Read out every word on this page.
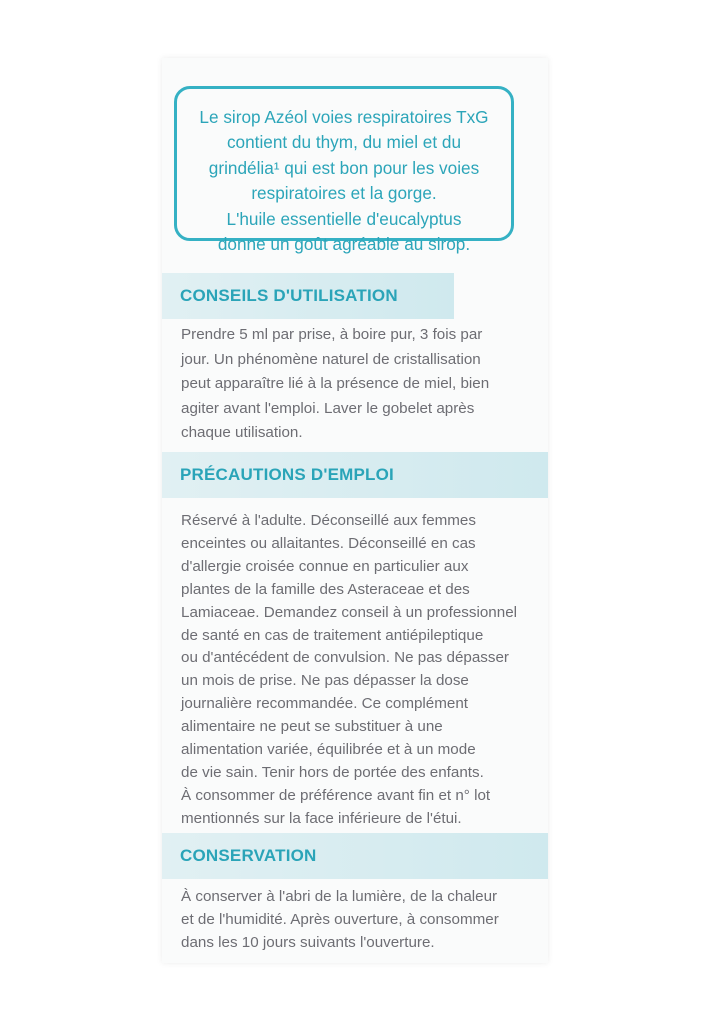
Le sirop Azéol voies respiratoires TxG
contient du thym, du miel et du
grindélia¹ qui est bon pour les voies
respiratoires et la gorge.
L'huile essentielle d'eucalyptus
donne un goût agréable au sirop.

CONSEILS D'UTILISATION

Prendre 5 ml par prise, à boire pur, 3 fois par
jour. Un phénomène naturel de cristallisation
peut apparaître lié à la présence de miel, bien
agiter avant l'emploi. Laver le gobelet après
chaque utilisation.

PRÉCAUTIONS D'EMPLOI

Réservé à l'adulte. Déconseillé aux femmes
enceintes ou allaitantes. Déconseillé en cas
d'allergie croisée connue en particulier aux
plantes de la famille des Asteraceae et des
Lamiaceae. Demandez conseil à un professionnel
de santé en cas de traitement antiépileptique
ou d'antécédent de convulsion. Ne pas dépasser
un mois de prise. Ne pas dépasser la dose
journalière recommandée. Ce complément
alimentaire ne peut se substituer à une
alimentation variée, équilibrée et à un mode
de vie sain. Tenir hors de portée des enfants.
À consommer de préférence avant fin et n° lot
mentionnés sur la face inférieure de l'étui.

CONSERVATION

À conserver à l'abri de la lumière, de la chaleur
et de l'humidité. Après ouverture, à consommer
dans les 10 jours suivants l'ouverture.
